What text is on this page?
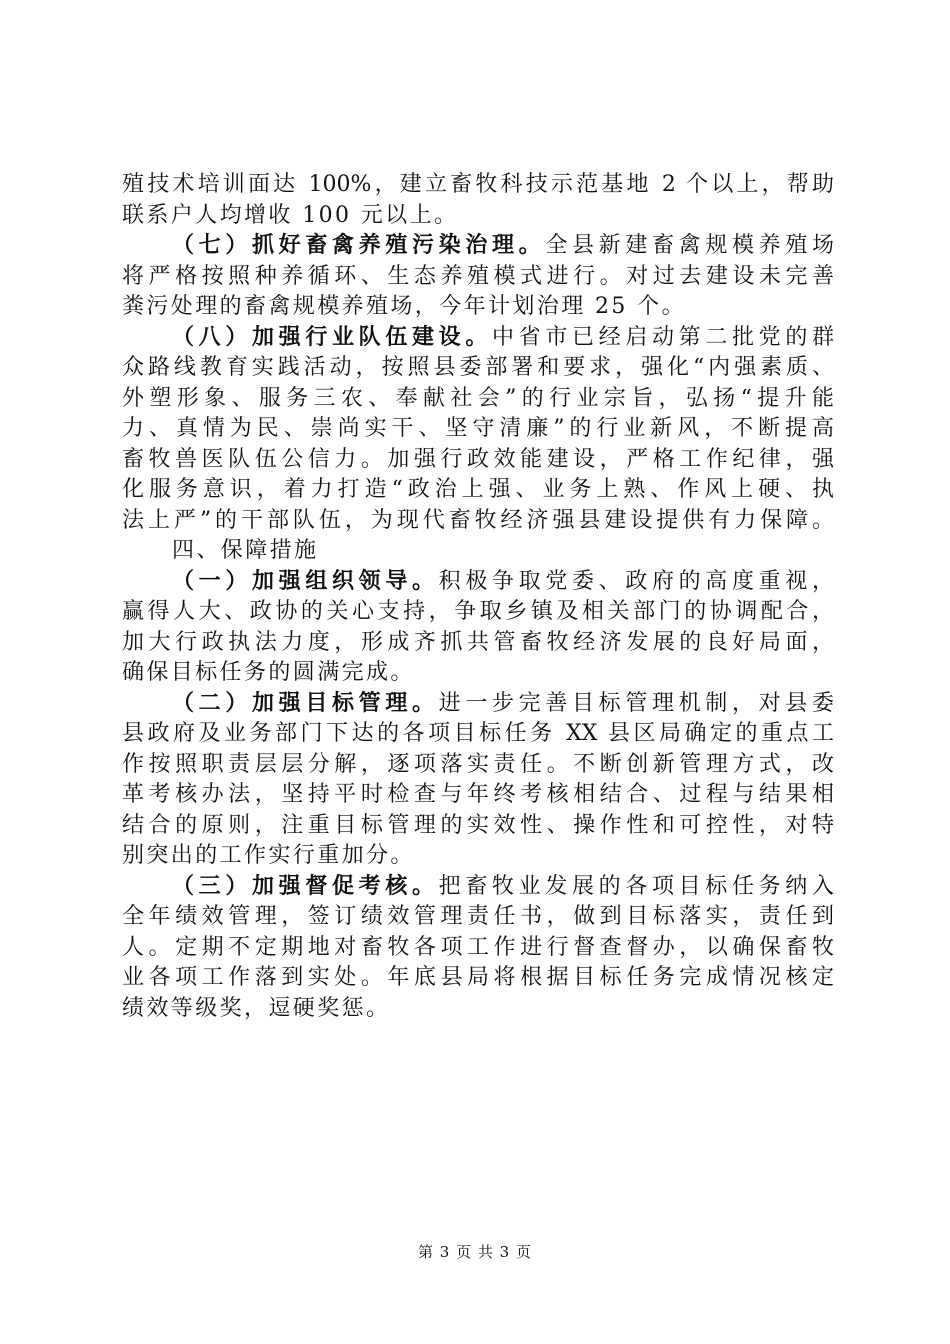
殖技术培训面达 100%，建立畜牧科技示范基地 2 个以上，帮助
联系户人均增收 100 元以上。
（七）抓好畜禽养殖污染治理。全县新建畜禽规模养殖场
将严格按照种养循环、生态养殖模式进行。对过去建设未完善
粪污处理的畜禽规模养殖场，今年计划治理 25 个。
（八）加强行业队伍建设。中省市已经启动第二批党的群
众路线教育实践活动，按照县委部署和要求，强化“内强素质、
外塑形象、服务三农、奉献社会”的行业宗旨，弘扬“提升能
力、真情为民、崇尚实干、坚守清廉”的行业新风，不断提高
畜牧兽医队伍公信力。加强行政效能建设，严格工作纪律，强
化服务意识，着力打造“政治上强、业务上熟、作风上硬、执
法上严”的干部队伍，为现代畜牧经济强县建设提供有力保障。
四、保障措施
（一）加强组织领导。积极争取党委、政府的高度重视，
赢得人大、政协的关心支持，争取乡镇及相关部门的协调配合，
加大行政执法力度，形成齐抓共管畜牧经济发展的良好局面，
确保目标任务的圆满完成。
（二）加强目标管理。进一步完善目标管理机制，对县委
县政府及业务部门下达的各项目标任务 XX 县区局确定的重点工
作按照职责层层分解，逐项落实责任。不断创新管理方式，改
革考核办法，坚持平时检查与年终考核相结合、过程与结果相
结合的原则，注重目标管理的实效性、操作性和可控性，对特
别突出的工作实行重加分。
（三）加强督促考核。把畜牧业发展的各项目标任务纳入
全年绩效管理，签订绩效管理责任书，做到目标落实，责任到
人。定期不定期地对畜牧各项工作进行督查督办，以确保畜牧
业各项工作落到实处。年底县局将根据目标任务完成情况核定
绩效等级奖，逗硬奖惩。
第 3 页 共 3 页
